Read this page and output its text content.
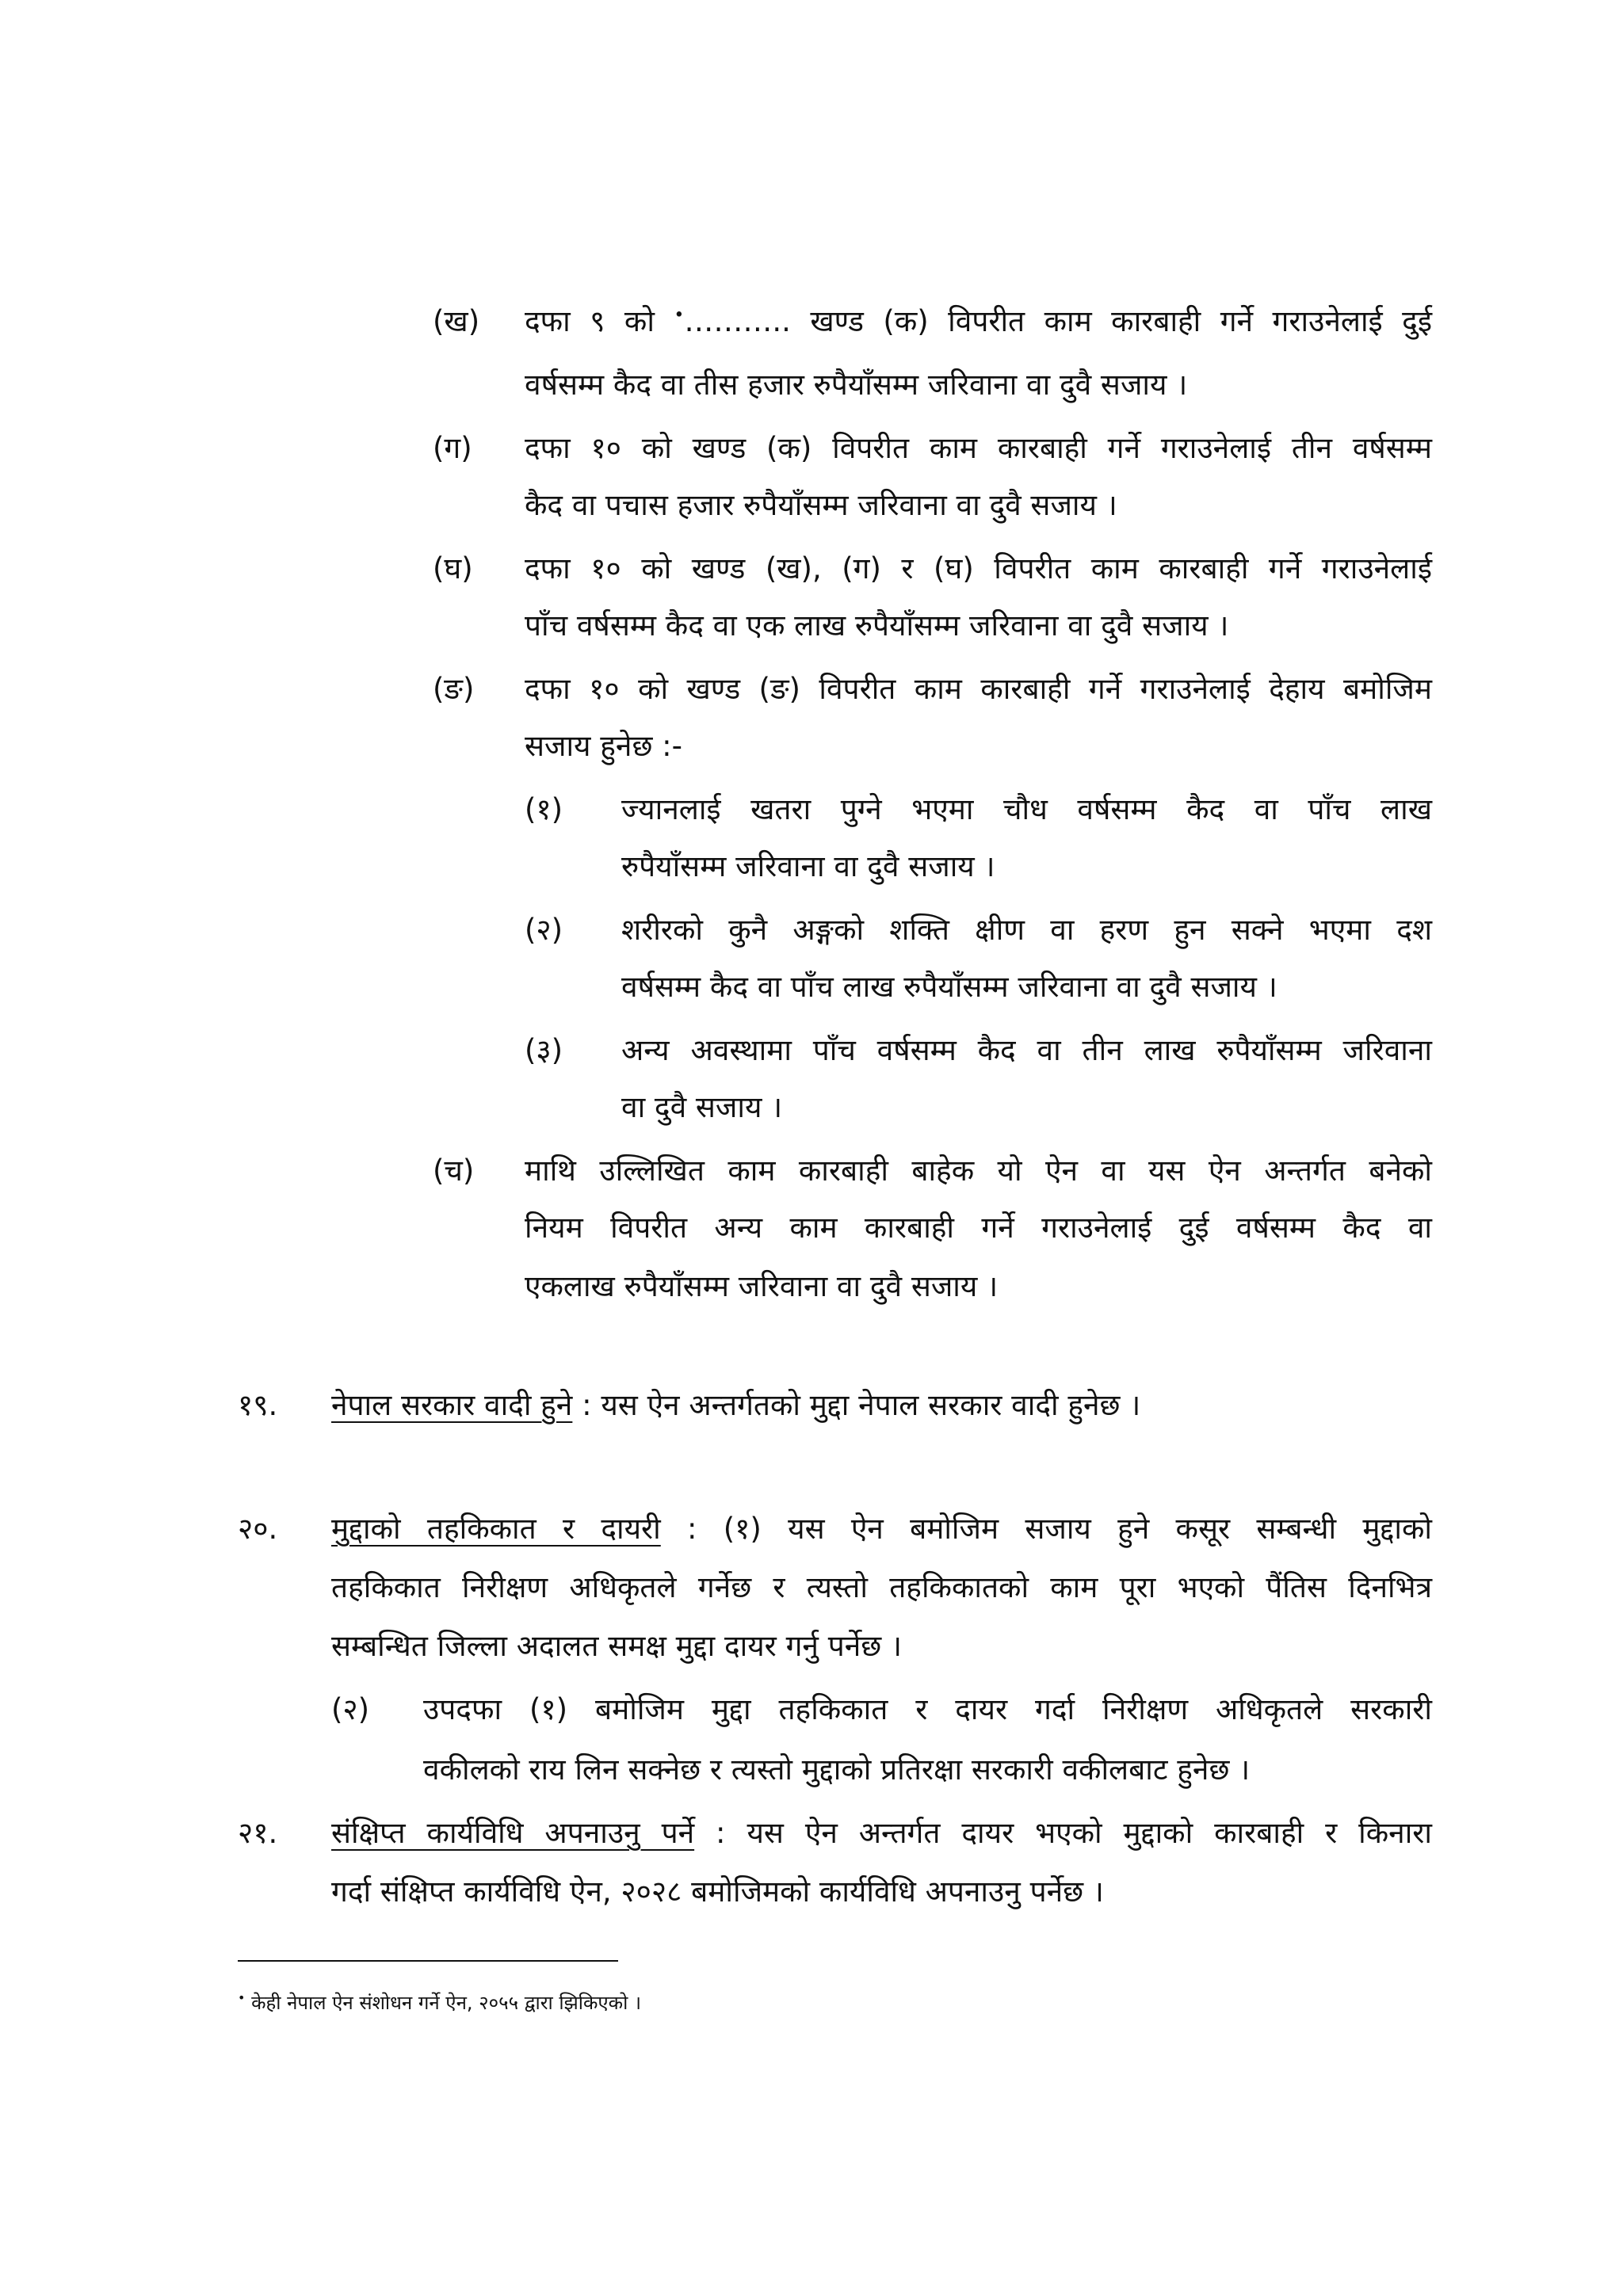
(ख) दफा ९ को •……….. खण्ड (क) विपरीत काम कारबाही गर्ने गराउनेलाई दुई
वर्षसम्म कैद वा तीस हजार रुपैयाँसम्म जरिवाना वा दुवै सजाय ।
(ग) दफा १० को खण्ड (क) विपरीत काम कारबाही गर्ने गराउनेलाई तीन वर्षसम्म
कैद वा पचास हजार रुपैयाँसम्म जरिवाना वा दुवै सजाय ।
(घ) दफा १० को खण्ड (ख), (ग) र (घ) विपरीत काम कारबाही गर्ने गराउनेलाई
पाँच वर्षसम्म कैद वा एक लाख रुपैयाँसम्म जरिवाना वा दुवै सजाय ।
(ङ) दफा १० को खण्ड (ङ) विपरीत काम कारबाही गर्ने गराउनेलाई देहाय बमोजिम
सजाय हुनेछ :-
(१) ज्यानलाई खतरा पुग्ने भएमा चौध वर्षसम्म कैद वा पाँच लाख
रुपैयाँसम्म जरिवाना वा दुवै सजाय ।
(२) शरीरको कुनै अङ्गको शक्ति क्षीण वा हरण हुन सक्ने भएमा दश
वर्षसम्म कैद वा पाँच लाख रुपैयाँसम्म जरिवाना वा दुवै सजाय ।
(३) अन्य अवस्थामा पाँच वर्षसम्म कैद वा तीन लाख रुपैयाँसम्म जरिवाना
वा दुवै सजाय ।
(च) माथि उल्लिखित काम कारबाही बाहेक यो ऐन वा यस ऐन अन्तर्गत बनेको
नियम विपरीत अन्य काम कारबाही गर्ने गराउनेलाई दुई वर्षसम्म कैद वा
एकलाख रुपैयाँसम्म जरिवाना वा दुवै सजाय ।
१९. नेपाल सरकार वादी हुने : यस ऐन अन्तर्गतको मुद्दा नेपाल सरकार वादी हुनेछ ।
२०. मुद्दाको तहकिकात र दायरी : (१) यस ऐन बमोजिम सजाय हुने कसूर सम्बन्धी मुद्दाको
तहकिकात निरीक्षण अधिकृतले गर्नेछ र त्यस्तो तहकिकातको काम पूरा भएको पैंतिस दिनभित्र
सम्बन्धित जिल्ला अदालत समक्ष मुद्दा दायर गर्नु पर्नेछ ।
(२) उपदफा (१) बमोजिम मुद्दा तहकिकात र दायर गर्दा निरीक्षण अधिकृतले सरकारी
वकीलको राय लिन सक्नेछ र त्यस्तो मुद्दाको प्रतिरक्षा सरकारी वकीलबाट हुनेछ ।
२१. संक्षिप्त कार्यविधि अपनाउनु पर्ने : यस ऐन अन्तर्गत दायर भएको मुद्दाको कारबाही र किनारा
गर्दा संक्षिप्त कार्यविधि ऐन, २०२८ बमोजिमको कार्यविधि अपनाउनु पर्नेछ ।
• केही नेपाल ऐन संशोधन गर्ने ऐन, २०५५ द्वारा झिकिएको ।
